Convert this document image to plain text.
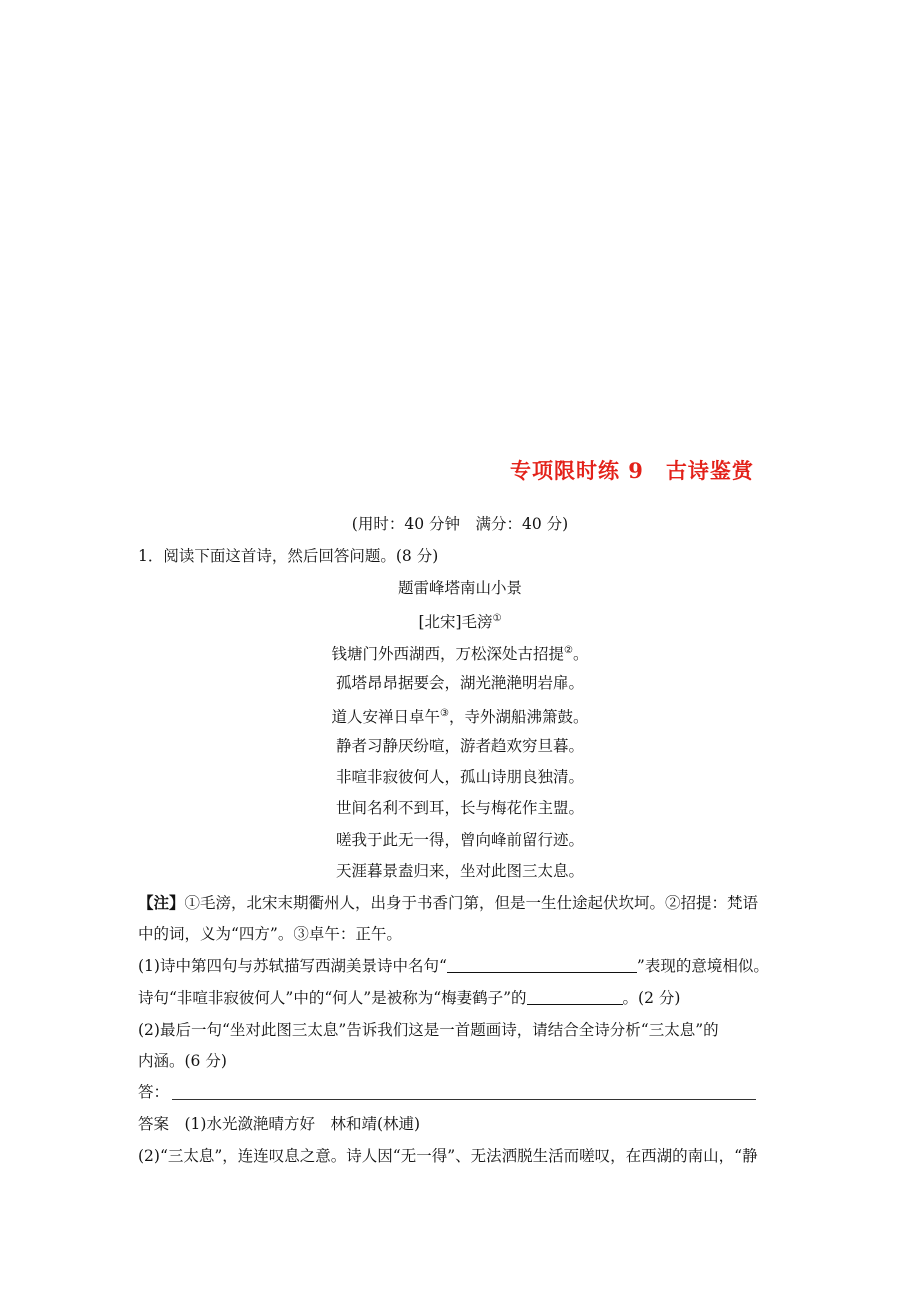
专项限时练 9　古诗鉴赏
(用时：40 分钟　满分：40 分)
1．阅读下面这首诗，然后回答问题。(8 分)
题雷峰塔南山小景
[北宋]毛滂①
钱塘门外西湖西，万松深处古招提②。
孤塔昂昂据要会，湖光滟滟明岩扉。
道人安禅日卓午③，寺外湖船沸箫鼓。
静者习静厌纷喧，游者趋欢穷旦暮。
非喧非寂彼何人，孤山诗朋良独清。
世间名利不到耳，长与梅花作主盟。
嗟我于此无一得，曾向峰前留行迹。
天涯暮景盍归来，坐对此图三太息。
【注】①毛滂，北宋末期衢州人，出身于书香门第，但是一生仕途起伏坎坷。②招提：梵语
中的词，义为“四方”。③卓午：正午。
(1)诗中第四句与苏轼描写西湖美景诗中名句“	”表现的意境相似。
诗句“非喧非寂彼何人”中的“何人”是被称为“梅妻鹤子”的	。(2 分)
(2)最后一句“坐对此图三太息”告诉我们这是一首题画诗，请结合全诗分析“三太息”的
内涵。(6 分)
答：
答案　(1)水光潋滟晴方好　林和靖(林逋)
(2)“三太息”，连连叹息之意。诗人因“无一得”、无法洒脱生活而嗟叹，在西湖的南山，“静
